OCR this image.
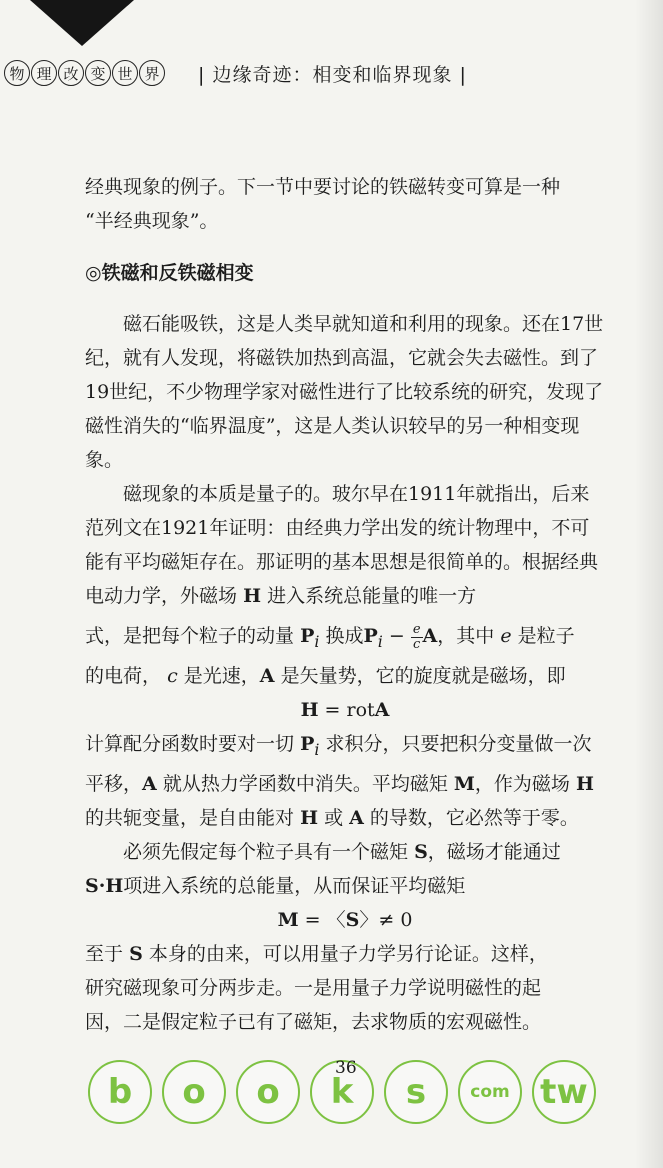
物 理 改 变 世 界 | 边缘奇迹：相变和临界现象 |
经典现象的例子。下一节中要讨论的铁磁转变可算是一种
“半经典现象”。
◎铁磁和反铁磁相变
磁石能吸铁，这是人类早就知道和利用的现象。还在17世纪，就有人发现，将磁铁加热到高温，它就会失去磁性。到了19世纪，不少物理学家对磁性进行了比较系统的研究，发现了磁性消失的“临界温度”，这是人类认识较早的另一种相变现象。
磁现象的本质是量子的。玻尔早在1911年就指出，后来范列文在1921年证明：由经典力学出发的统计物理中，不可能有平均磁矩存在。那证明的基本思想是很简单的。根据经典电动力学，外磁场 H 进入系统总能量的唯一方
式，是把每个粒子的动量 $P_i$ 换成$P_i - \frac{e}{c}$ A，其中 e 是粒子
的电荷， c 是光速，A 是矢量势，它的旋度就是磁场，即
H = rotA
计算配分函数时要对一切 $P_i$ 求积分，只要把积分变量做一次
平移，A 就从热力学函数中消失。平均磁矩 M，作为磁场 H
的共轭变量，是自由能对 H 或 A 的导数，它必然等于零。
必须先假定每个粒子具有一个磁矩 S，磁场才能通过
S·H项进入系统的总能量，从而保证平均磁矩
M = 〈S〉≠ 0
至于 S 本身的由来，可以用量子力学另行论证。这样，
研究磁现象可分两步走。一是用量子力学说明磁性的起
因，二是假定粒子已有了磁矩，去求物质的宏观磁性。
b	o	o	k	s	com tw
36
